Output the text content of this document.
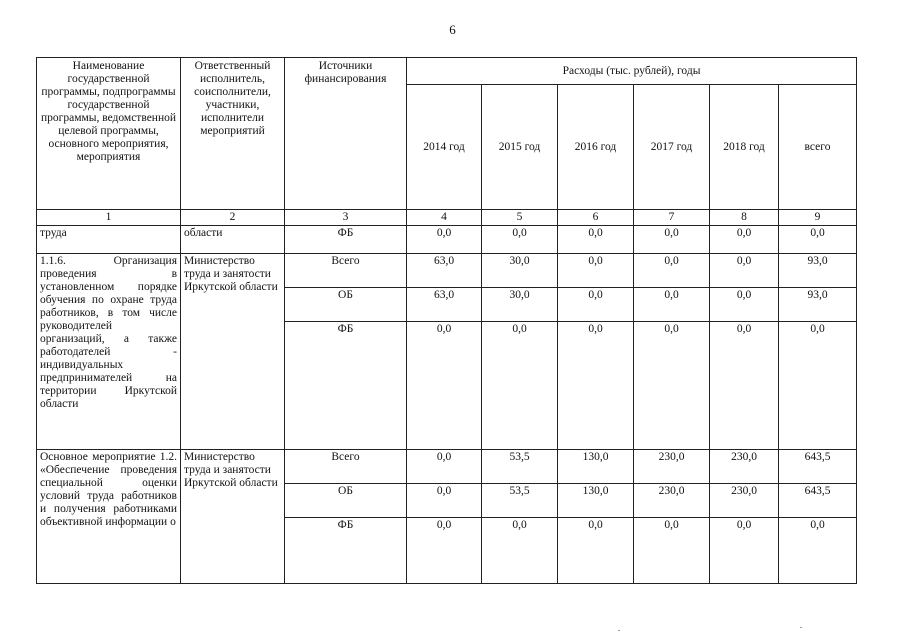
6
Наименование государственной программы, подпрограммы государственной программы, ведомственной целевой программы, основного мероприятия, мероприятия	Ответственный исполнитель, соисполнители, участники, исполнители мероприятий	Источники финансирования	Расходы (тыс. рублей), годы					
			2014 год	2015 год	2016 год	2017 год	2018 год	всего
1	2	3	4	5	6	7	8	9
труда	области	ФБ	0,0	0,0	0,0	0,0	0,0	0,0
1.1.6. Организация проведения в установленном порядке обучения по охране труда работников, в том числе руководителей организаций, а также работодателей - индивидуальных предпринимателей на территории Иркутской области	Министерство труда и занятости Иркутской области	Всего	63,0	30,0	0,0	0,0	0,0	93,0
		ОБ	63,0	30,0	0,0	0,0	0,0	93,0
		ФБ	0,0	0,0	0,0	0,0	0,0	0,0
Основное мероприятие 1.2. «Обеспечение проведения специальной оценки условий труда работников и получения работниками объективной информации о	Министерство труда и занятости Иркутской области	Всего	0,0	53,5	130,0	230,0	230,0	643,5
		ОБ	0,0	53,5	130,0	230,0	230,0	643,5
		ФБ	0,0	0,0	0,0	0,0	0,0	0,0
